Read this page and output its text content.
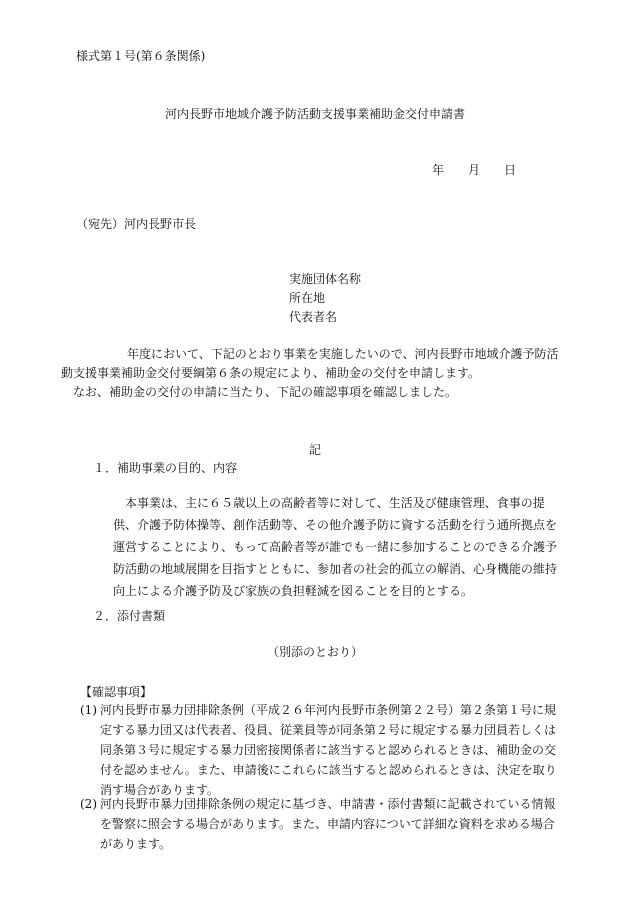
様式第１号(第６条関係)
河内長野市地域介護予防活動支援事業補助金交付申請書
年 月 日
（宛先）河内長野市長
実施団体名称
所在地
代表者名
年度において、下記のとおり事業を実施したいので、河内長野市地域介護予防活動支援事業補助金交付要綱第６条の規定により、補助金の交付を申請します。
なお、補助金の交付の申請に当たり、下記の確認事項を確認しました。
記
１．補助事業の目的、内容
本事業は、主に６５歳以上の高齢者等に対して、生活及び健康管理、食事の提供、介護予防体操等、創作活動等、その他介護予防に資する活動を行う通所拠点を運営することにより、もって高齢者等が誰でも一緒に参加することのできる介護予防活動の地域展開を目指すとともに、参加者の社会的孤立の解消、心身機能の維持向上による介護予防及び家族の負担軽減を図ることを目的とする。
２．添付書類
（別添のとおり）
【確認事項】
(1) 河内長野市暴力団排除条例（平成２６年河内長野市条例第２２号）第２条第１号に規定する暴力団又は代表者、役員、従業員等が同条第２号に規定する暴力団員若しくは同条第３号に規定する暴力団密接関係者に該当すると認められるときは、補助金の交付を認めません。また、申請後にこれらに該当すると認められるときは、決定を取り消す場合があります。
(2) 河内長野市暴力団排除条例の規定に基づき、申請書・添付書類に記載されている情報を警察に照会する場合があります。また、申請内容について詳細な資料を求める場合があります。
